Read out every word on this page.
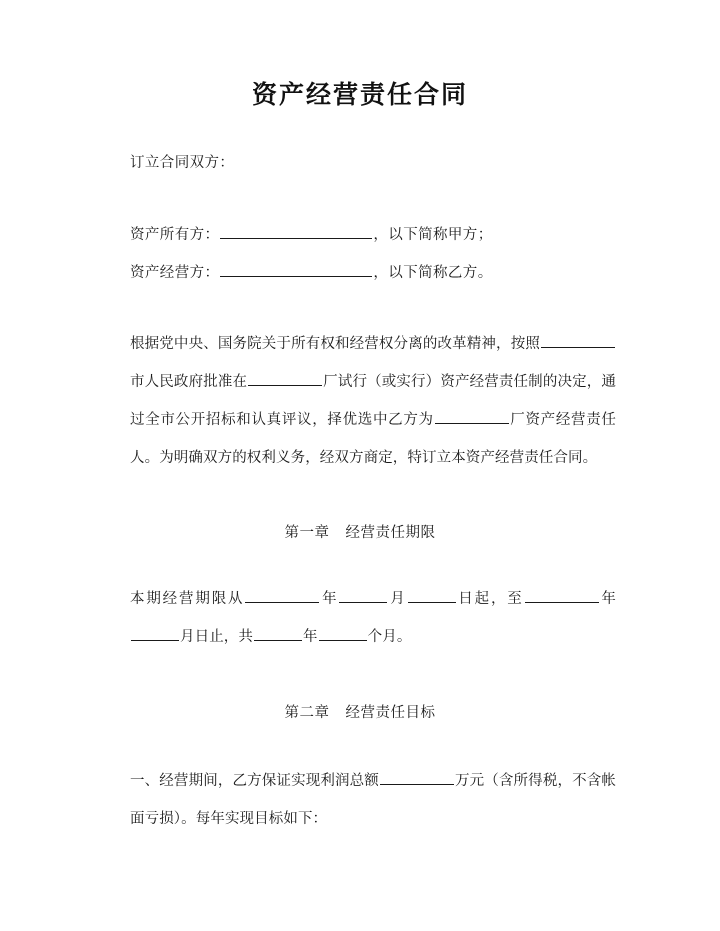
资产经营责任合同
订立合同双方：
资产所有方：	，以下简称甲方；
资产经营方：	，以下简称乙方。
根据党中央、国务院关于所有权和经营权分离的改革精神，按照市人民政府批准在	厂试行（或实行）资产经营责任制的决定，通过全市公开招标和认真评议，择优选中乙方为	厂资产经营责任人。为明确双方的权利义务，经双方商定，特订立本资产经营责任合同。
第一章 经营责任期限
本期经营期限从	年	月	日起，至	年月日止，共	年	个月。
第二章 经营责任目标
一、经营期间，乙方保证实现利润总额	万元（含所得税，不含帐面亏损）。每年实现目标如下：
